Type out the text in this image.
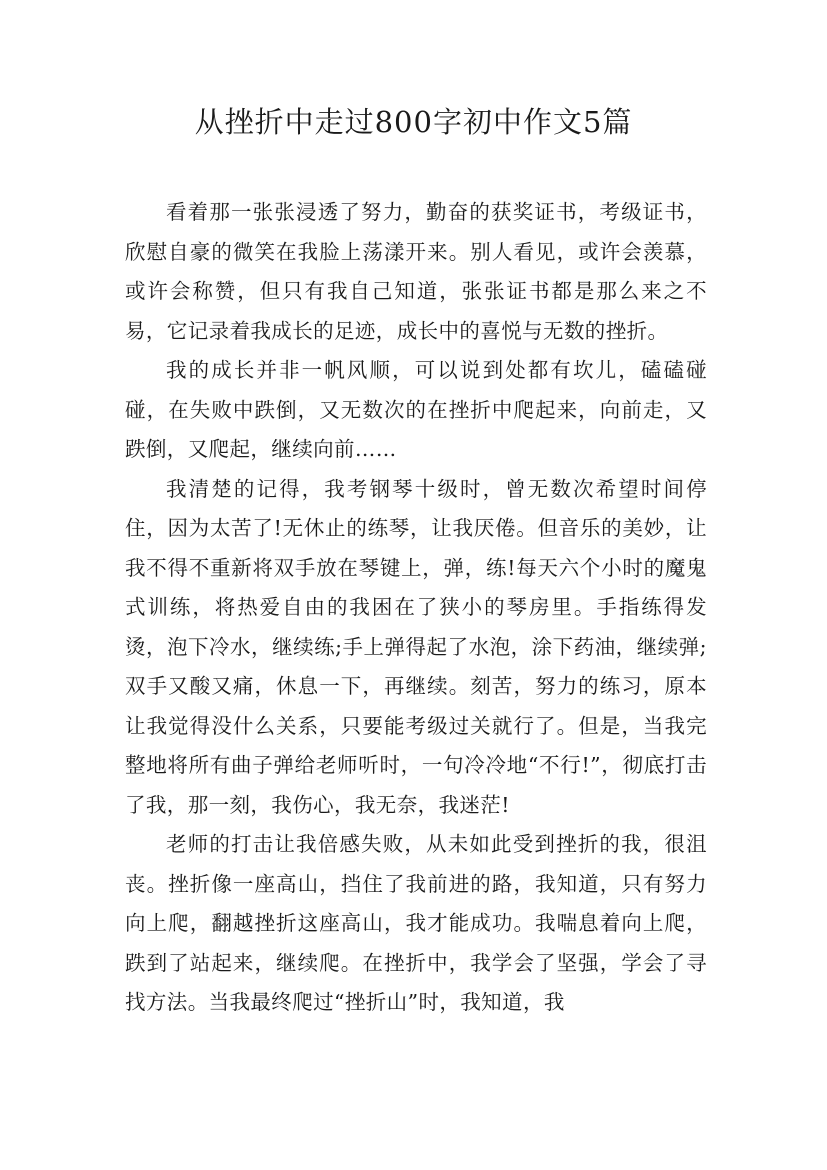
从挫折中走过800字初中作文5篇

看着那一张张浸透了努力，勤奋的获奖证书，考级证书，欣慰自豪的微笑在我脸上荡漾开来。别人看见，或许会羡慕，或许会称赞，但只有我自己知道，张张证书都是那么来之不易，它记录着我成长的足迹，成长中的喜悦与无数的挫折。

我的成长并非一帆风顺，可以说到处都有坎儿，磕磕碰碰，在失败中跌倒，又无数次的在挫折中爬起来，向前走，又跌倒，又爬起，继续向前……

我清楚的记得，我考钢琴十级时，曾无数次希望时间停住，因为太苦了!无休止的练琴，让我厌倦。但音乐的美妙，让我不得不重新将双手放在琴键上，弹，练!每天六个小时的魔鬼式训练，将热爱自由的我困在了狭小的琴房里。手指练得发烫，泡下冷水，继续练;手上弹得起了水泡，涂下药油，继续弹;双手又酸又痛，休息一下，再继续。刻苦，努力的练习，原本让我觉得没什么关系，只要能考级过关就行了。但是，当我完整地将所有曲子弹给老师听时，一句冷冷地“不行!”，彻底打击了我，那一刻，我伤心，我无奈，我迷茫!

老师的打击让我倍感失败，从未如此受到挫折的我，很沮丧。挫折像一座高山，挡住了我前进的路，我知道，只有努力向上爬，翻越挫折这座高山，我才能成功。我喘息着向上爬，跌到了站起来，继续爬。在挫折中，我学会了坚强，学会了寻找方法。当我最终爬过“挫折山”时，我知道，我
